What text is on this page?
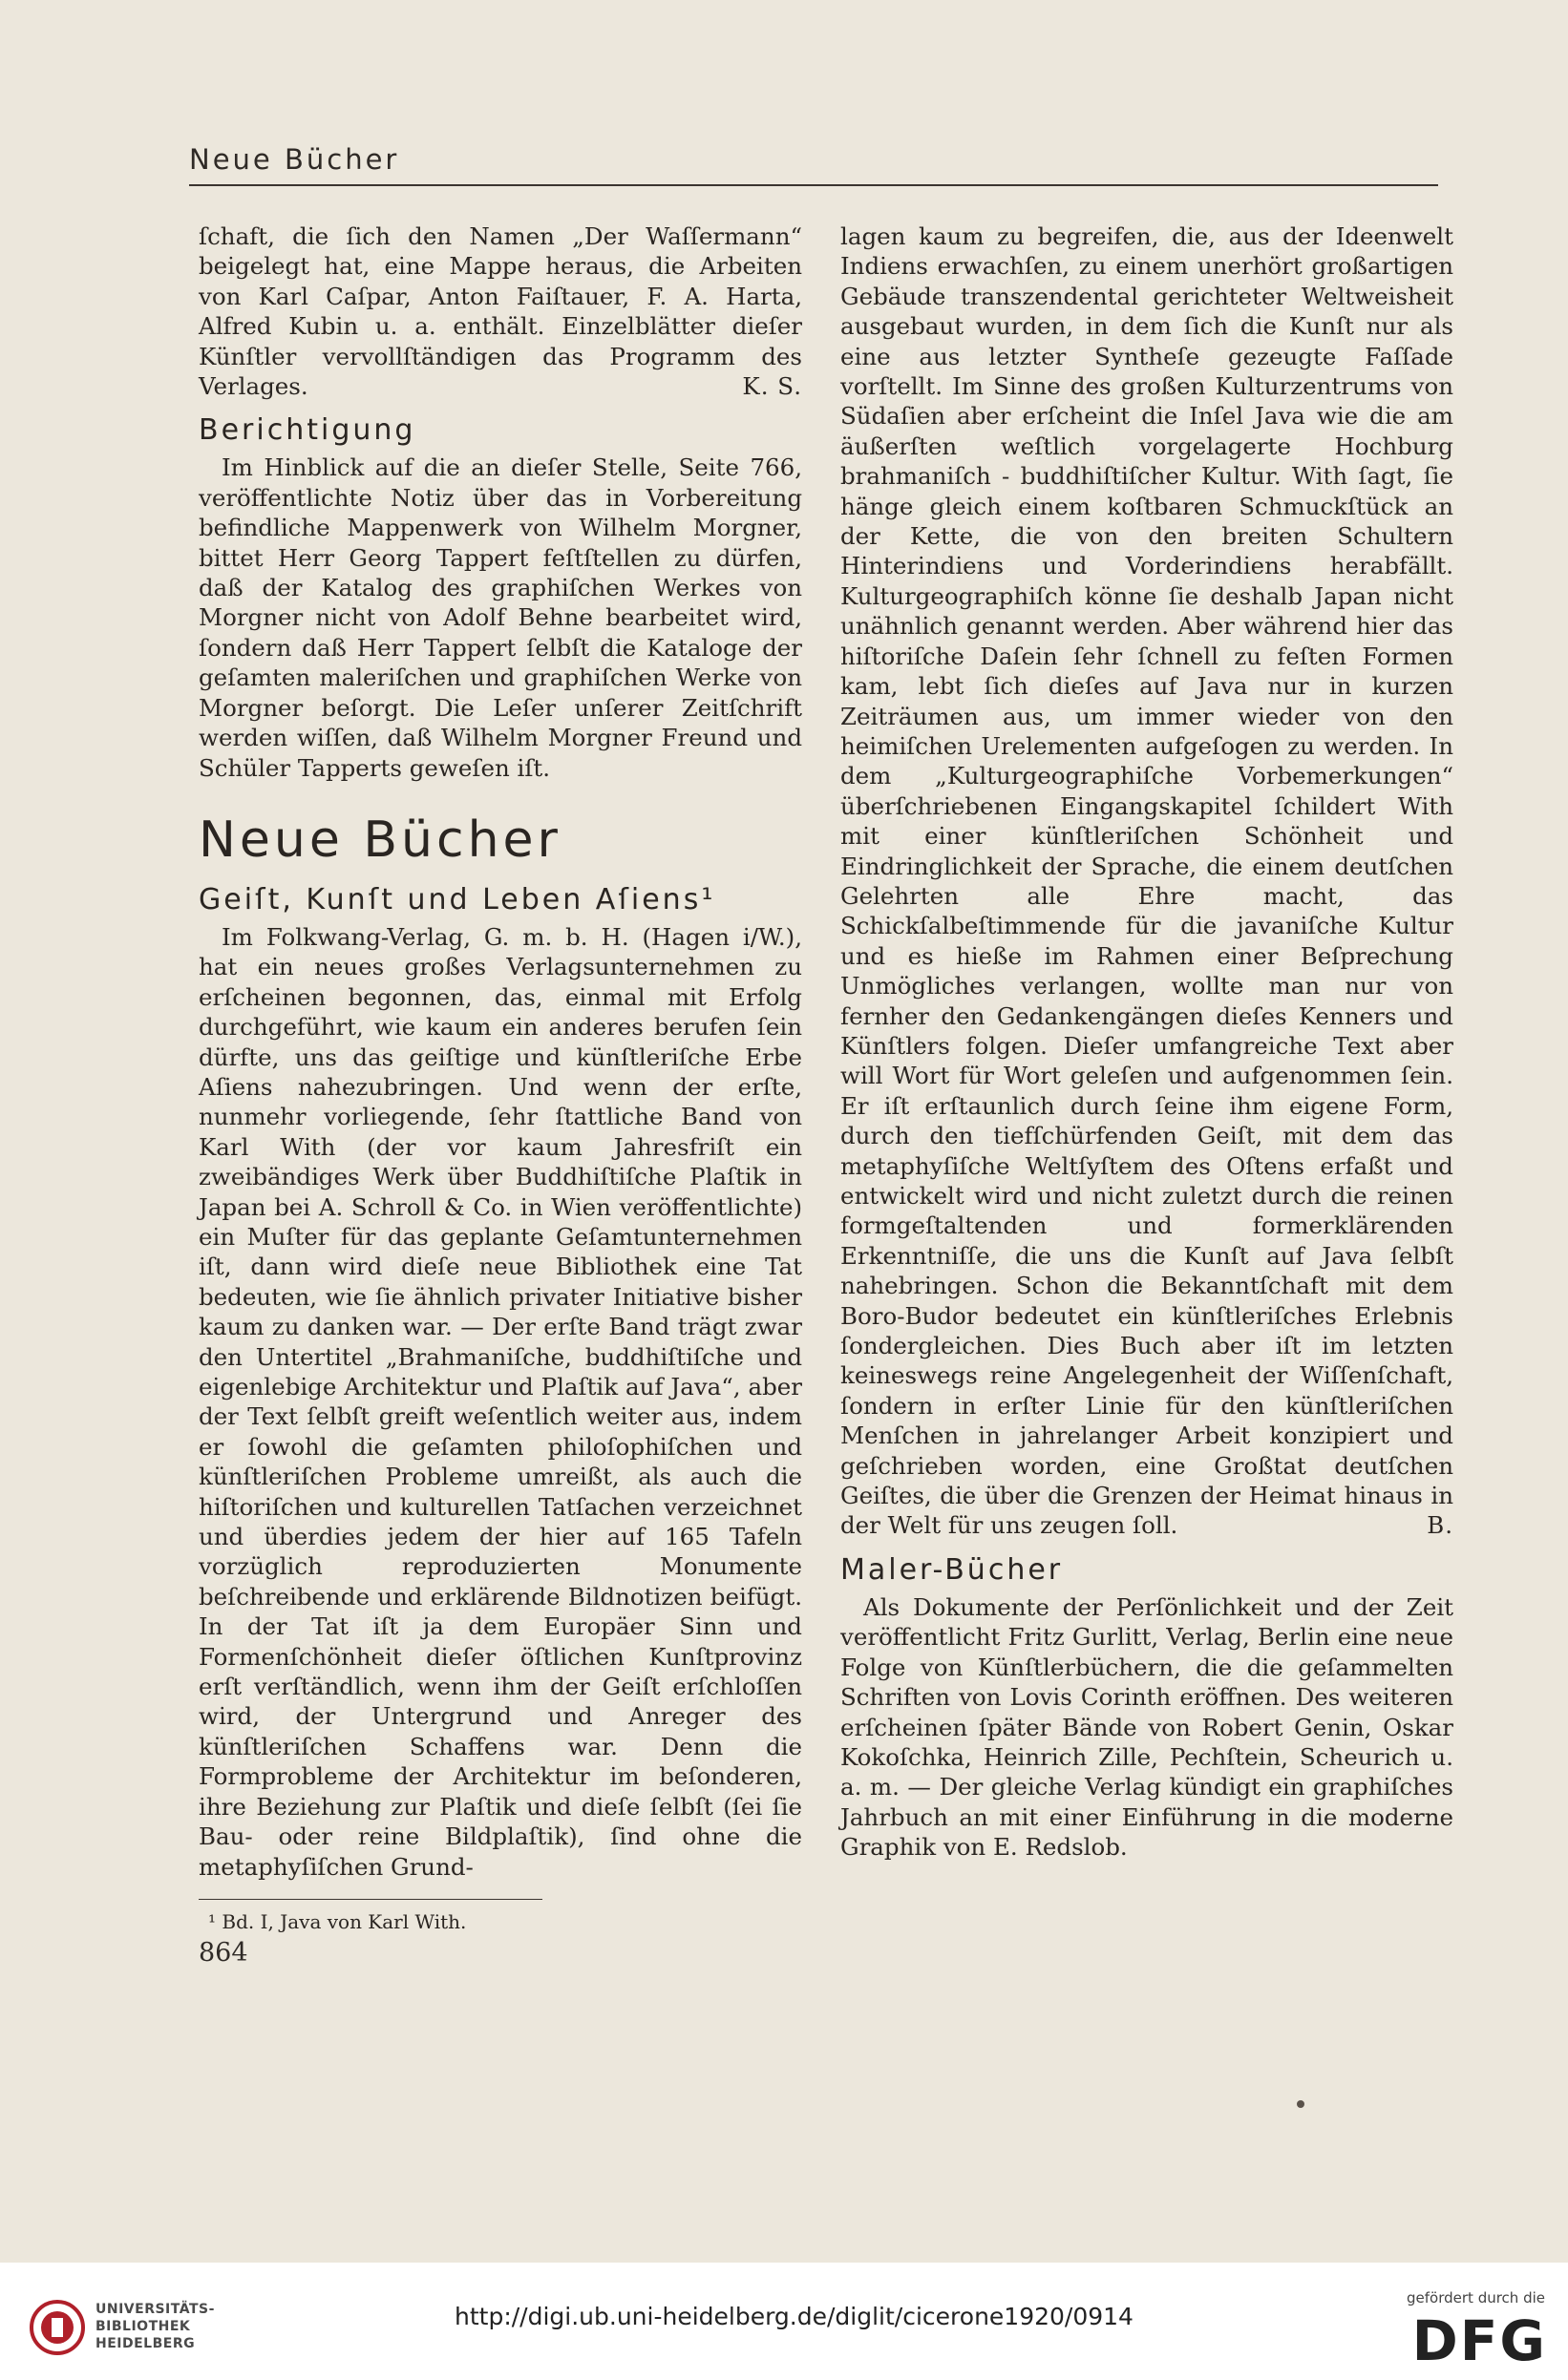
Neue Bücher

ſchaft, die ſich den Namen „Der Waſſermann“ beigelegt hat, eine Mappe heraus, die Arbeiten von Karl Caſpar, Anton Faiſtauer, F. A. Harta, Alfred Kubin u. a. enthält. Einzelblätter dieſer Künſtler vervollſtändigen das Programm des Verlages.	K. S.

Berichtigung

Im Hinblick auf die an dieſer Stelle, Seite 766, veröffentlichte Notiz über das in Vorbereitung befindliche Mappenwerk von Wilhelm Morgner, bittet Herr Georg Tappert feſtſtellen zu dürfen, daß der Katalog des graphiſchen Werkes von Morgner nicht von Adolf Behne bearbeitet wird, ſondern daß Herr Tappert ſelbſt die Kataloge der geſamten maleriſchen und graphiſchen Werke von Morgner beſorgt. Die Leſer unſerer Zeitſchrift werden wiſſen, daß Wilhelm Morgner Freund und Schüler Tapperts geweſen iſt.

Neue Bücher
Geiſt, Kunſt und Leben Aſiens¹

Im Folkwang-Verlag, G. m. b. H. (Hagen i/W.), hat ein neues großes Verlagsunternehmen zu erſcheinen begonnen, das, einmal mit Erfolg durchgeführt, wie kaum ein anderes berufen ſein dürfte, uns das geiſtige und künſtleriſche Erbe Aſiens nahezubringen. Und wenn der erſte, nunmehr vorliegende, ſehr ſtattliche Band von Karl With (der vor kaum Jahresfriſt ein zweibändiges Werk über Buddhiſtiſche Plaſtik in Japan bei A. Schroll & Co. in Wien veröffentlichte) ein Muſter für das geplante Geſamtunternehmen iſt, dann wird dieſe neue Bibliothek eine Tat bedeuten, wie ſie ähnlich privater Initiative bisher kaum zu danken war. — Der erſte Band trägt zwar den Untertitel „Brahmaniſche, buddhiſtiſche und eigenlebige Architektur und Plaſtik auf Java“, aber der Text ſelbſt greift weſentlich weiter aus, indem er ſowohl die geſamten philoſophiſchen und künſtleriſchen Probleme umreißt, als auch die hiſtoriſchen und kulturellen Tatſachen verzeichnet und überdies jedem der hier auf 165 Tafeln vorzüglich reproduzierten Monumente beſchreibende und erklärende Bildnotizen beifügt. In der Tat iſt ja dem Europäer Sinn und Formenſchönheit dieſer öſtlichen Kunſtprovinz erſt verſtändlich, wenn ihm der Geiſt erſchloſſen wird, der Untergrund und Anreger des künſtleriſchen Schaffens war. Denn die Formprobleme der Architektur im beſonderen, ihre Beziehung zur Plaſtik und dieſe ſelbſt (ſei ſie Bau- oder reine Bildplaſtik), ſind ohne die metaphyſiſchen Grund-

¹ Bd. I, Java von Karl With.

lagen kaum zu begreifen, die, aus der Ideenwelt Indiens erwachſen, zu einem unerhört großartigen Gebäude transzendental gerichteter Weltweisheit ausgebaut wurden, in dem ſich die Kunſt nur als eine aus letzter Syntheſe gezeugte Faſſade vorſtellt. Im Sinne des großen Kulturzentrums von Südaſien aber erſcheint die Inſel Java wie die am äußerſten weſtlich vorgelagerte Hochburg brahmaniſch - buddhiſtiſcher Kultur. With ſagt, ſie hänge gleich einem koſtbaren Schmuckſtück an der Kette, die von den breiten Schultern Hinterindiens und Vorderindiens herabfällt. Kulturgeographiſch könne ſie deshalb Japan nicht unähnlich genannt werden. Aber während hier das hiſtoriſche Daſein ſehr ſchnell zu feſten Formen kam, lebt ſich dieſes auf Java nur in kurzen Zeiträumen aus, um immer wieder von den heimiſchen Urelementen aufgeſogen zu werden. In dem „Kulturgeographiſche Vorbemerkungen“ überſchriebenen Eingangskapitel ſchildert With mit einer künſtleriſchen Schönheit und Eindringlichkeit der Sprache, die einem deutſchen Gelehrten alle Ehre macht, das Schickſalbeſtimmende für die javaniſche Kultur und es hieße im Rahmen einer Beſprechung Unmögliches verlangen, wollte man nur von fernher den Gedankengängen dieſes Kenners und Künſtlers folgen. Dieſer umfangreiche Text aber will Wort für Wort geleſen und aufgenommen ſein. Er iſt erſtaunlich durch ſeine ihm eigene Form, durch den tiefſchürfenden Geiſt, mit dem das metaphyſiſche Weltſyſtem des Oſtens erfaßt und entwickelt wird und nicht zuletzt durch die reinen formgeſtaltenden und formerklärenden Erkenntniſſe, die uns die Kunſt auf Java ſelbſt nahebringen. Schon die Bekanntſchaft mit dem Boro-Budor bedeutet ein künſtleriſches Erlebnis ſondergleichen. Dies Buch aber iſt im letzten keineswegs reine Angelegenheit der Wiſſenſchaft, ſondern in erſter Linie für den künſtleriſchen Menſchen in jahrelanger Arbeit konzipiert und geſchrieben worden, eine Großtat deutſchen Geiſtes, die über die Grenzen der Heimat hinaus in der Welt für uns zeugen ſoll.	B.

Maler-Bücher

Als Dokumente der Perſönlichkeit und der Zeit veröffentlicht Fritz Gurlitt, Verlag, Berlin eine neue Folge von Künſtlerbüchern, die die geſammelten Schriften von Lovis Corinth eröffnen. Des weiteren erſcheinen ſpäter Bände von Robert Genin, Oskar Kokoſchka, Heinrich Zille, Pechſtein, Scheurich u. a. m. — Der gleiche Verlag kündigt ein graphiſches Jahrbuch an mit einer Einführung in die moderne Graphik von E. Redslob.

864
UNIVERSITÄTS-
BIBLIOTHEK
HEIDELBERG
http://digi.ub.uni-heidelberg.de/diglit/cicerone1920/0914
gefördert durch die
DFG
